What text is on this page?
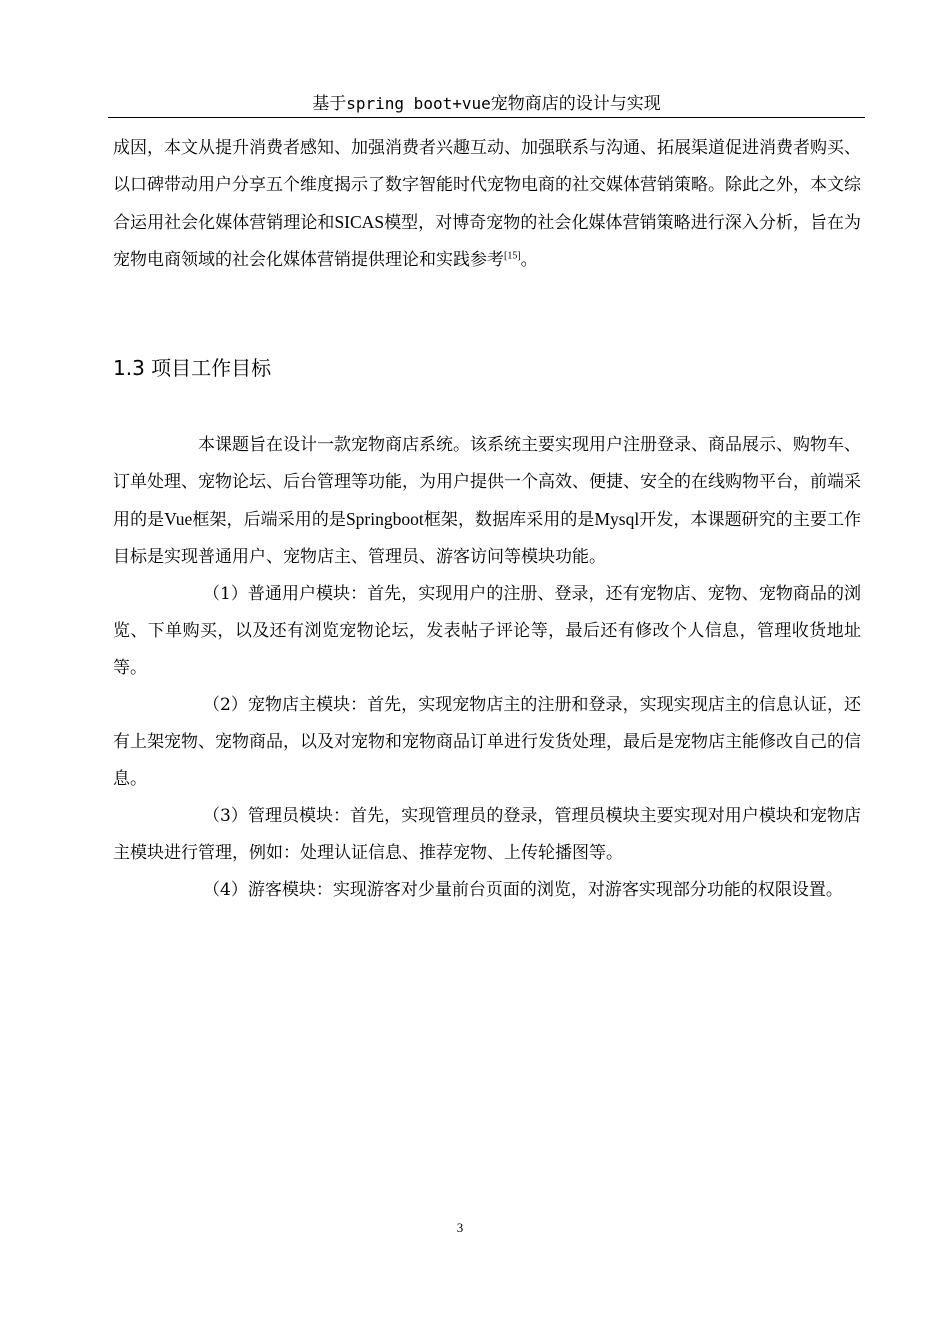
基于spring boot+vue宠物商店的设计与实现

成因，本文从提升消费者感知、加强消费者兴趣互动、加强联系与沟通、拓展渠道促进消费者购买、以口碑带动用户分享五个维度揭示了数字智能时代宠物电商的社交媒体营销策略。除此之外，本文综合运用社会化媒体营销理论和SICAS模型，对博奇宠物的社会化媒体营销策略进行深入分析，旨在为宠物电商领域的社会化媒体营销提供理论和实践参考[15]。

1.3 项目工作目标

本课题旨在设计一款宠物商店系统。该系统主要实现用户注册登录、商品展示、购物车、订单处理、宠物论坛、后台管理等功能，为用户提供一个高效、便捷、安全的在线购物平台，前端采用的是Vue框架，后端采用的是Springboot框架，数据库采用的是Mysql开发，本课题研究的主要工作目标是实现普通用户、宠物店主、管理员、游客访问等模块功能。

（1）普通用户模块：首先，实现用户的注册、登录，还有宠物店、宠物、宠物商品的浏览、下单购买，以及还有浏览宠物论坛，发表帖子评论等，最后还有修改个人信息，管理收货地址等。

（2）宠物店主模块：首先，实现宠物店主的注册和登录，实现实现店主的信息认证，还有上架宠物、宠物商品，以及对宠物和宠物商品订单进行发货处理，最后是宠物店主能修改自己的信息。

（3）管理员模块：首先，实现管理员的登录，管理员模块主要实现对用户模块和宠物店主模块进行管理，例如：处理认证信息、推荐宠物、上传轮播图等。

（4）游客模块：实现游客对少量前台页面的浏览，对游客实现部分功能的权限设置。

3
